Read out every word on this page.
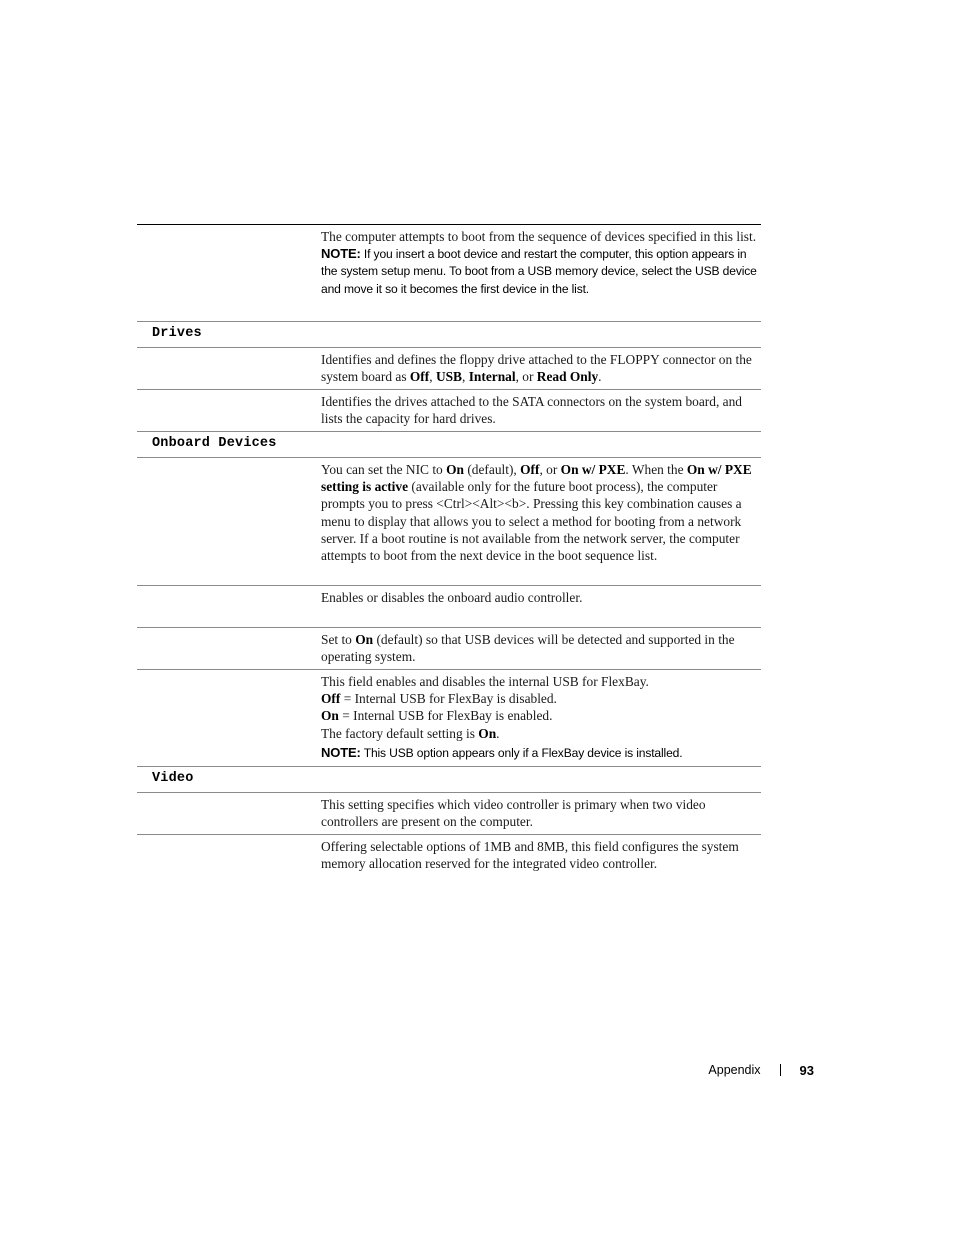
The computer attempts to boot from the sequence of devices specified in this list.

NOTE: If you insert a boot device and restart the computer, this option appears in the system setup menu. To boot from a USB memory device, select the USB device and move it so it becomes the first device in the list.

Drives

Identifies and defines the floppy drive attached to the FLOPPY connector on the system board as Off, USB, Internal, or Read Only.

Identifies the drives attached to the SATA connectors on the system board, and lists the capacity for hard drives.

Onboard Devices

You can set the NIC to On (default), Off, or On w/ PXE. When the On w/ PXE setting is active (available only for the future boot process), the computer prompts you to press <Ctrl><Alt><b>. Pressing this key combination causes a menu to display that allows you to select a method for booting from a network server. If a boot routine is not available from the network server, the computer attempts to boot from the next device in the boot sequence list.

Enables or disables the onboard audio controller.

Set to On (default) so that USB devices will be detected and supported in the operating system.

This field enables and disables the internal USB for FlexBay.

Off = Internal USB for FlexBay is disabled.

On = Internal USB for FlexBay is enabled.

The factory default setting is On.

NOTE: This USB option appears only if a FlexBay device is installed.

Video

This setting specifies which video controller is primary when two video controllers are present on the computer.

Offering selectable options of 1MB and 8MB, this field configures the system memory allocation reserved for the integrated video controller.

Appendix	93
